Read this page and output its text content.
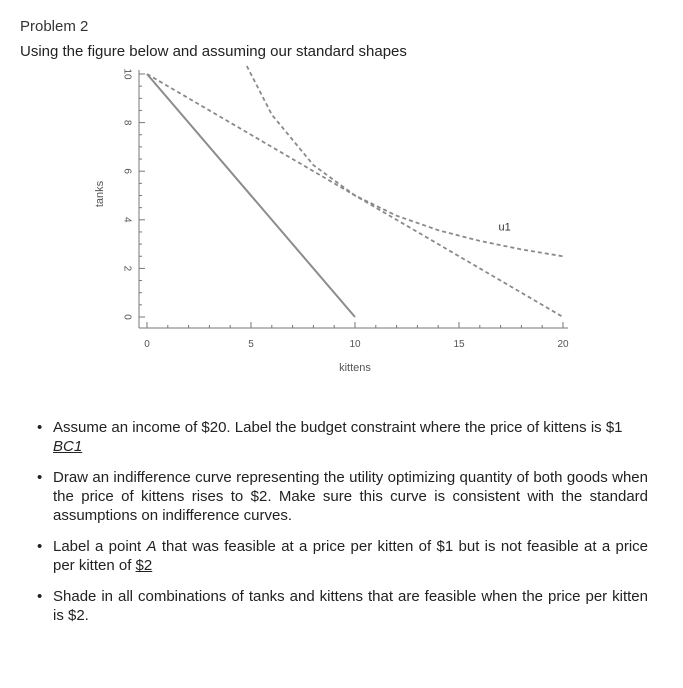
Problem 2
Using the figure below and assuming our standard shapes
0	5	10	15	20
0
2
4
6
8
10
kittens
tanks
u1
• Assume an income of $20. Label the budget constraint where the price of kittens is $1 BC1
• Draw an indifference curve representing the utility optimizing quantity of both goods when the price of kittens rises to $2. Make sure this curve is consistent with the standard assumptions on indifference curves.
• Label a point A that was feasible at a price per kitten of $1 but is not feasible at a price per kitten of $2
• Shade in all combinations of tanks and kittens that are feasible when the price per kitten is $2.
